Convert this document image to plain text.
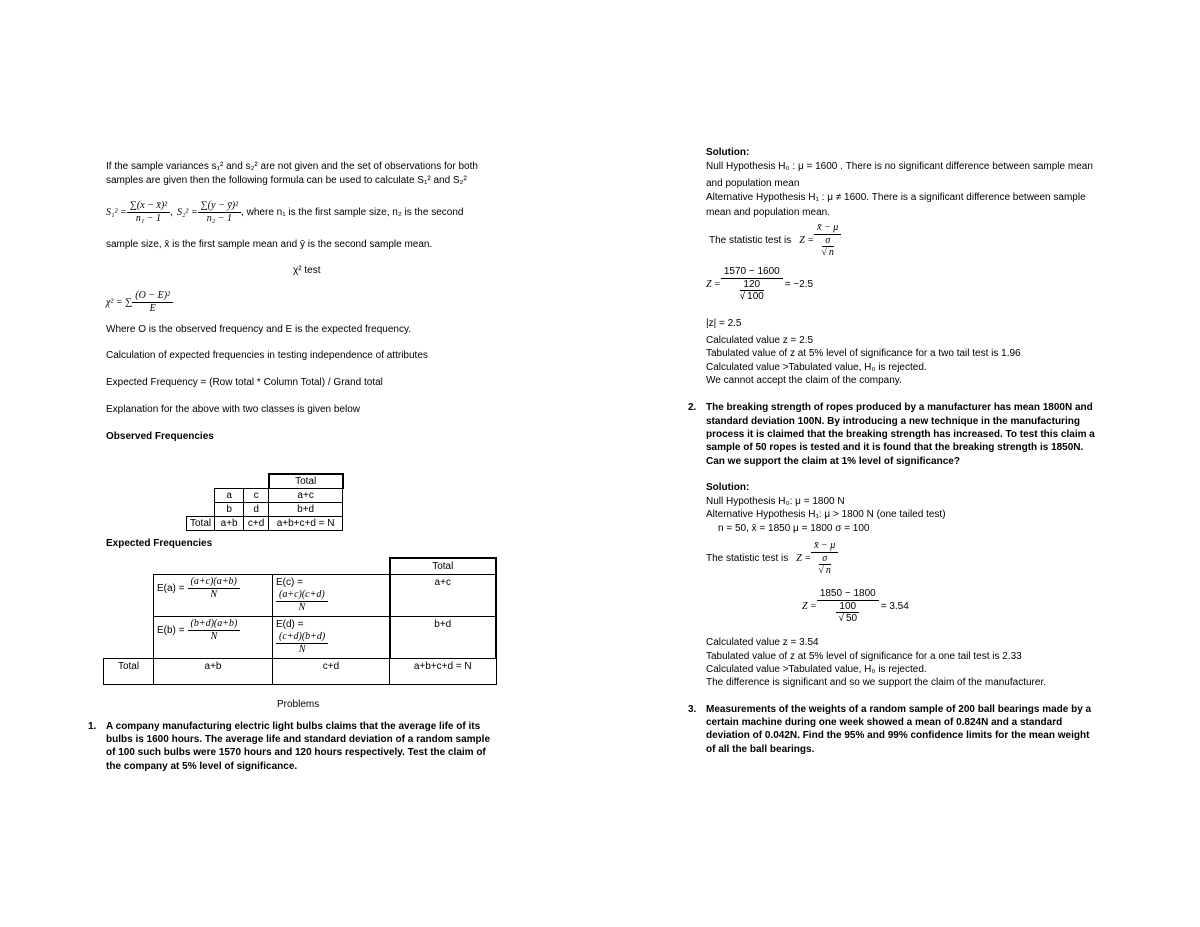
If the sample variances s₁² and s₂² are not given and the set of observations for both
samples are given then the following formula can be used to calculate S₁² and S₂²
$S_1^2 = \frac{\text{∑(x − x̄)²}}{\text{n₁ − 1}}$ , $S_2^2 = \frac{\text{∑(y − ȳ)²}}{\text{n₂ − 1}}$ , where n₁ is the first sample size, n₂ is the second
sample size, x̄ is the first sample mean and ȳ is the second sample mean.
χ² test
χ² = ∑ $\frac{\text{(O − E)²}}{E}$
Where O is the observed frequency and E is the expected frequency.
Calculation of expected frequencies in testing independence of attributes
Expected Frequency = (Row total * Column Total) / Grand total
Explanation for the above with two classes is given below
Observed Frequencies
			Total
	a	c	a+c
	b	d	b+d
Total	a+b	c+d	a+b+c+d = N
Expected Frequencies
			Total

	$E(a) = \frac{(a+c)(a+b)}{N}$	E(c) =
$\frac{(a+c)(c+d)}{N}$	a+c

	$E(b) = \frac{(b+d)(a+b)}{N}$	E(d) =
$\frac{(c+d)(b+d)}{N}$	b+d
Total	a+b	c+d	a+b+c+d = N
Problems
1. A company manufacturing electric light bulbs claims that the average life of its
bulbs is 1600 hours. The average life and standard deviation of a random sample
of 100 such bulbs were 1570 hours and 120 hours respectively. Test the claim of
the company at 5% level of significance.
Solution:
Null Hypothesis H₀ : μ = 1600 . There is no significant difference between sample mean
and population mean
Alternative Hypothesis H₁ : μ ≠ 1600. There is a significant difference between sample
mean and population mean.
The statistic test is $Z = \frac{x̄ - \mu}{\frac{\sigma}{√ n}}$
$Z = \frac{1570 - 1600}{\frac{120}{√ 100}} = -2.5$
|z| = 2.5
Calculated value z = 2.5
Tabulated value of z at 5% level of significance for a two tail test is 1.96
Calculated value >Tabulated value, H₀ is rejected.
We cannot accept the claim of the company.
2. The breaking strength of ropes produced by a manufacturer has mean 1800N and
standard deviation 100N. By introducing a new technique in the manufacturing
process it is claimed that the breaking strength has increased. To test this claim a
sample of 50 ropes is tested and it is found that the breaking strength is 1850N.
Can we support the claim at 1% level of significance?
Solution:
Null Hypothesis H₀: μ = 1800 N
Alternative Hypothesis H₁: μ > 1800 N (one tailed test)
n = 50, x̄ = 1850 μ = 1800 σ = 100
The statistic test is $Z = \frac{x̄ - \mu}{\frac{\sigma}{√ n}}$
$Z = \frac{1850 - 1800}{\frac{100}{√ 50}} = 3.54$
Calculated value z = 3.54
Tabulated value of z at 5% level of significance for a one tail test is 2.33
Calculated value >Tabulated value, H₀ is rejected.
The difference is significant and so we support the claim of the manufacturer.
3. Measurements of the weights of a random sample of 200 ball bearings made by a
certain machine during one week showed a mean of 0.824N and a standard
deviation of 0.042N. Find the 95% and 99% confidence limits for the mean weight
of all the ball bearings.
